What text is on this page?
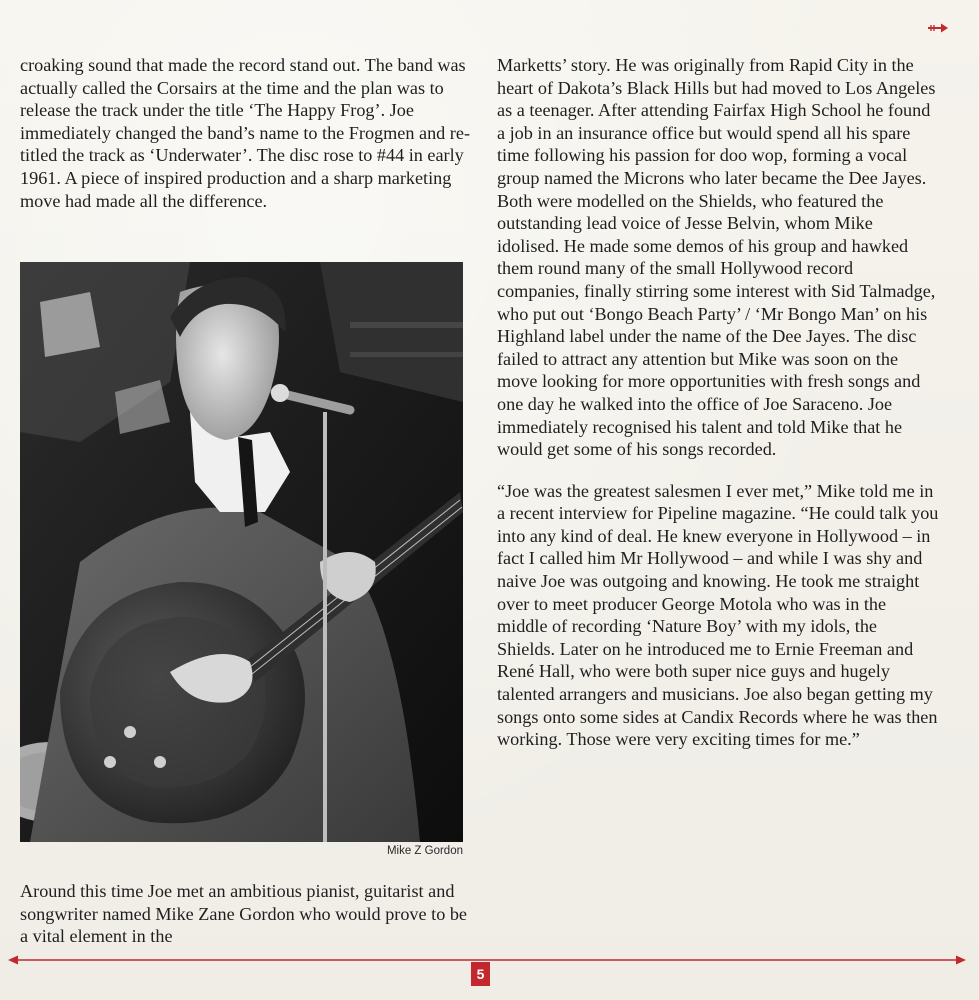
croaking sound that made the record stand out. The band was actually called the Corsairs at the time and the plan was to release the track under the title ‘The Happy Frog’. Joe immediately changed the band’s name to the Frogmen and re-titled the track as ‘Underwater’. The disc rose to #44 in early 1961. A piece of inspired production and a sharp marketing move had made all the difference.

Mike Z Gordon

Around this time Joe met an ambitious pianist, guitarist and songwriter named Mike Zane Gordon who would prove to be a vital element in the

Marketts’ story. He was originally from Rapid City in the heart of Dakota’s Black Hills but had moved to Los Angeles as a teenager. After attending Fairfax High School he found a job in an insurance office but would spend all his spare time following his passion for doo wop, forming a vocal group named the Microns who later became the Dee Jayes. Both were modelled on the Shields, who featured the outstanding lead voice of Jesse Belvin, whom Mike idolised. He made some demos of his group and hawked them round many of the small Hollywood record companies, finally stirring some interest with Sid Talmadge, who put out ‘Bongo Beach Party’ / ‘Mr Bongo Man’ on his Highland label under the name of the Dee Jayes. The disc failed to attract any attention but Mike was soon on the move looking for more opportunities with fresh songs and one day he walked into the office of Joe Saraceno. Joe immediately recognised his talent and told Mike that he would get some of his songs recorded.

“Joe was the greatest salesmen I ever met,” Mike told me in a recent interview for Pipeline magazine. “He could talk you into any kind of deal. He knew everyone in Hollywood – in fact I called him Mr Hollywood – and while I was shy and naive Joe was outgoing and knowing. He took me straight over to meet producer George Motola who was in the middle of recording ‘Nature Boy’ with my idols, the Shields. Later on he introduced me to Ernie Freeman and René Hall, who were both super nice guys and hugely talented arrangers and musicians. Joe also began getting my songs onto some sides at Candix Records where he was then working. Those were very exciting times for me.”

5
